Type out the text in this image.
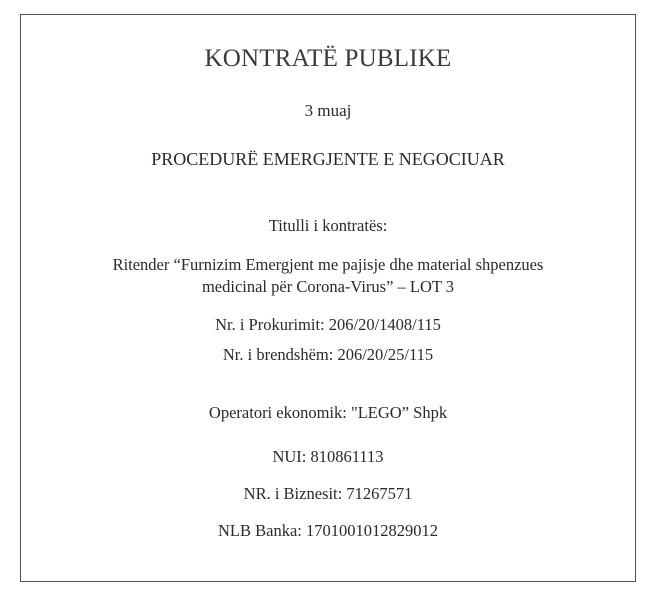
KONTRATË PUBLIKE
3 muaj
PROCEDURË EMERGJENTE E NEGOCIUAR
Titulli i kontratës:
Ritender “Furnizim Emergjent me pajisje dhe material shpenzues
medicinal për Corona-Virus” – LOT 3
Nr. i Prokurimit: 206/20/1408/115
Nr. i brendshëm: 206/20/25/115
Operatori ekonomik: "LEGO” Shpk
NUI: 810861113
NR. i Biznesit: 71267571
NLB Banka: 1701001012829012
